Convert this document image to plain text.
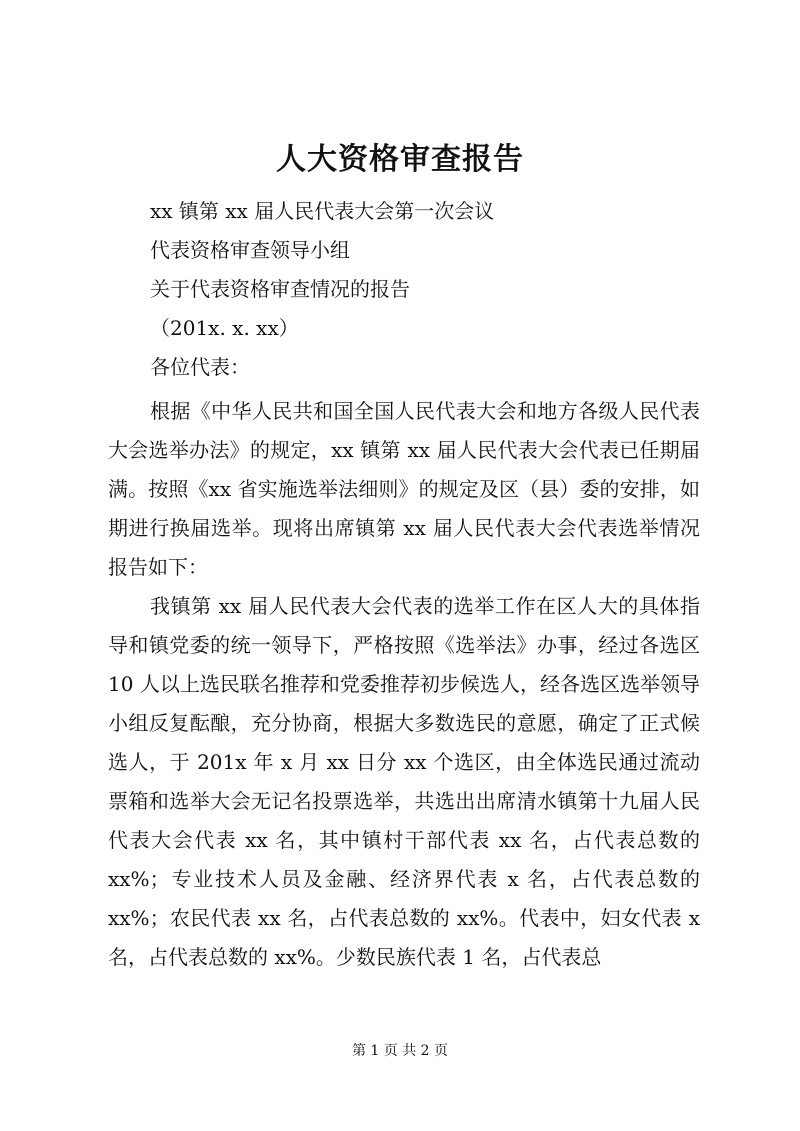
人大资格审查报告
xx 镇第 xx 届人民代表大会第一次会议
代表资格审查领导小组
关于代表资格审查情况的报告
（201x. x. xx）
各位代表：

根据《中华人民共和国全国人民代表大会和地方各级人民代表大会选举办法》的规定，xx 镇第 xx 届人民代表大会代表已任期届满。按照《xx 省实施选举法细则》的规定及区（县）委的安排，如期进行换届选举。现将出席镇第 xx 届人民代表大会代表选举情况报告如下：

我镇第 xx 届人民代表大会代表的选举工作在区人大的具体指导和镇党委的统一领导下，严格按照《选举法》办事，经过各选区 10 人以上选民联名推荐和党委推荐初步候选人，经各选区选举领导小组反复酝酿，充分协商，根据大多数选民的意愿，确定了正式候选人，于 201x 年 x 月 xx 日分 xx 个选区，由全体选民通过流动票箱和选举大会无记名投票选举，共选出出席清水镇第十九届人民代表大会代表 xx 名，其中镇村干部代表 xx 名，占代表总数的 xx%；专业技术人员及金融、经济界代表 x 名，占代表总数的 xx%；农民代表 xx 名，占代表总数的 xx%。代表中，妇女代表 x 名，占代表总数的 xx%。少数民族代表 1 名，占代表总

第 1 页 共 2 页
